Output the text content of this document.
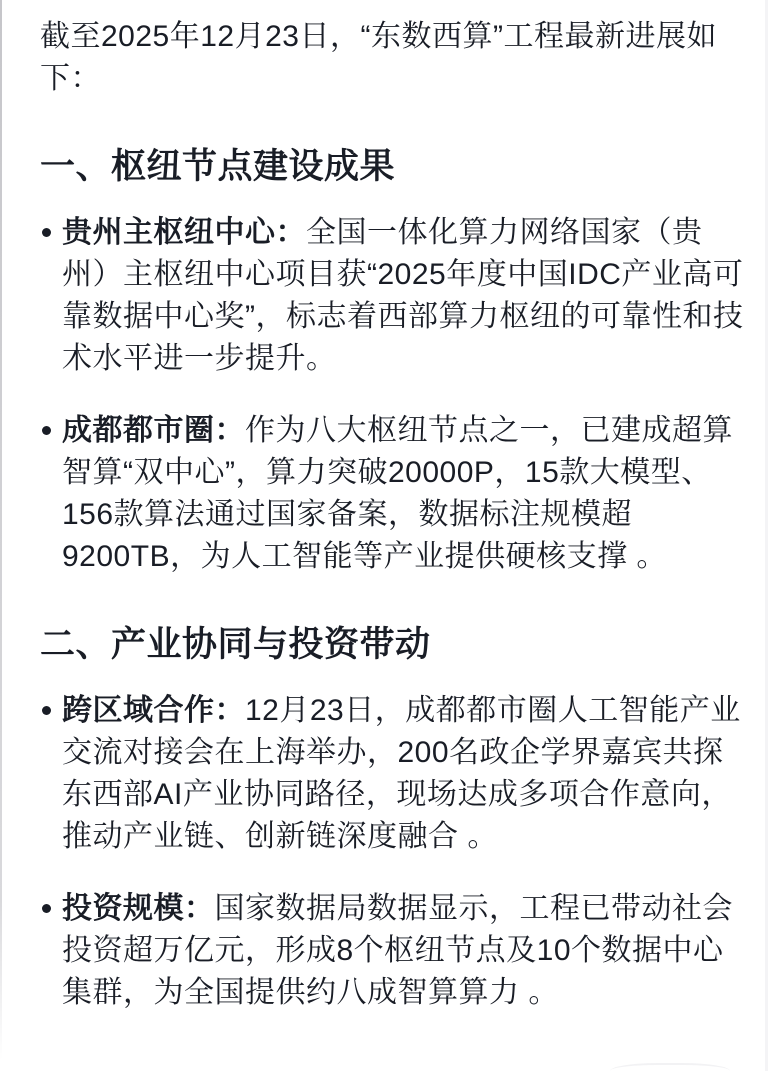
截至2025年12月23日，“东数西算”工程最新进展如下：

一、枢纽节点建设成果
贵州主枢纽中心：全国一体化算力网络国家（贵州）主枢纽中心项目获“2025年度中国IDC产业高可靠数据中心奖”，标志着西部算力枢纽的可靠性和技术水平进一步提升。
成都都市圈：作为八大枢纽节点之一，已建成超算智算“双中心”，算力突破20000P，15款大模型、156款算法通过国家备案，数据标注规模超9200TB，为人工智能等产业提供硬核支撑 。
二、产业协同与投资带动
跨区域合作：12月23日，成都都市圈人工智能产业交流对接会在上海举办，200名政企学界嘉宾共探东西部AI产业协同路径，现场达成多项合作意向，推动产业链、创新链深度融合 。
投资规模：国家数据局数据显示，工程已带动社会投资超万亿元，形成8个枢纽节点及10个数据中心集群，为全国提供约八成智算算力 。
